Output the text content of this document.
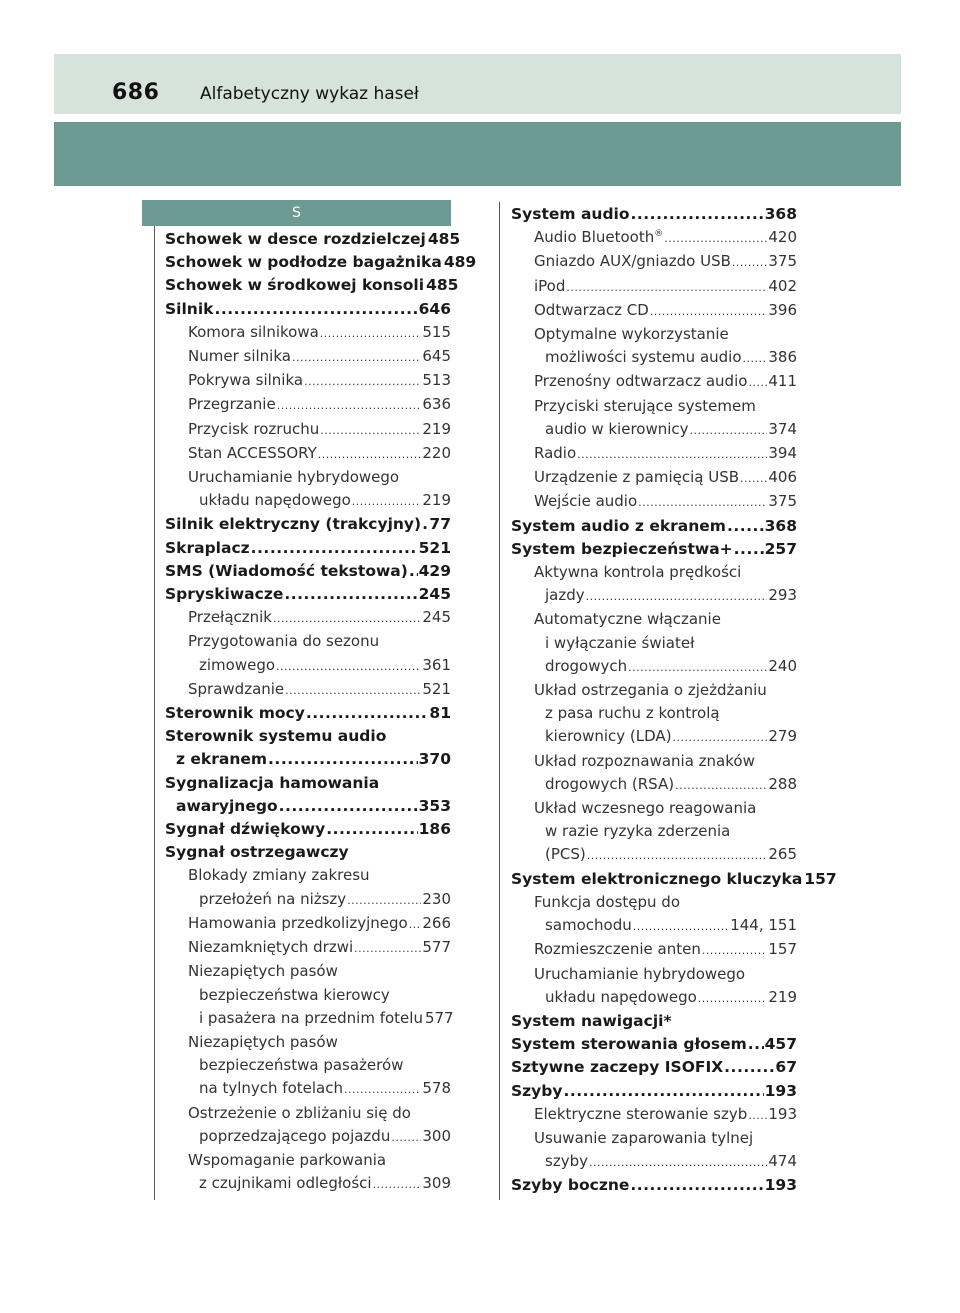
686 Alfabetyczny wykaz haseł
S
Schowek w desce rozdzielczej 485
Schowek w podłodze bagażnika 489
Schowek w środkowej konsoli 485
Silnik .....	646
Komora silnikowa .....	515
Numer silnika .....	645
Pokrywa silnika .....	513
Przegrzanie .....	636
Przycisk rozruchu .....	219
Stan ACCESSORY .....	220
Uruchamianie hybrydowego
układu napędowego .....	219
Silnik elektryczny (trakcyjny) ..... 77
Skraplacz .....	521
SMS (Wiadomość tekstowa) ..... 429
Spryskiwacze .....	245
Przełącznik .....	245
Przygotowania do sezonu
zimowego .....	361
Sprawdzanie .....	521
Sterownik mocy .....	81
Sterownik systemu audio
z ekranem .....	370
Sygnalizacja hamowania
awaryjnego .....	353
Sygnał dźwiękowy .....	186
Sygnał ostrzegawczy
Blokady zmiany zakresu
przełożeń na niższy .....	230
Hamowania przedkolizyjnego ..... 266
Niezamkniętych drzwi .....	577
Niezapiętych pasów
bezpieczeństwa kierowcy
i pasażera na przednim fotelu 577
Niezapiętych pasów
bezpieczeństwa pasażerów
na tylnych fotelach .....	578
Ostrzeżenie o zbliżaniu się do
poprzedzającego pojazdu ..... 300
Wspomaganie parkowania
z czujnikami odległości .....	309
System audio .....	368
Audio Bluetooth® .....	420
Gniazdo AUX/gniazdo USB ..... 375
iPod .....	402
Odtwarzacz CD .....	396
Optymalne wykorzystanie
możliwości systemu audio ..... 386
Przenośny odtwarzacz audio ..... 411
Przyciski sterujące systemem
audio w kierownicy .....	374
Radio .....	394
Urządzenie z pamięcią USB ..... 406
Wejście audio .....	375
System audio z ekranem ..... 368
System bezpieczeństwa+ ..... 257
Aktywna kontrola prędkości
jazdy .....	293
Automatyczne włączanie
i wyłączanie świateł
drogowych .....	240
Układ ostrzegania o zjeżdżaniu
z pasa ruchu z kontrolą
kierownicy (LDA) .....	279
Układ rozpoznawania znaków
drogowych (RSA) .....	288
Układ wczesnego reagowania
w razie ryzyka zderzenia
(PCS) .....	265
System elektronicznego kluczyka 157
Funkcja dostępu do
samochodu .....	144, 151
Rozmieszczenie anten .....	157
Uruchamianie hybrydowego
układu napędowego .....	219
System nawigacji*
System sterowania głosem ..... 457
Sztywne zaczepy ISOFIX .....	67
Szyby .....	193
Elektryczne sterowanie szyb ..... 193
Usuwanie zaparowania tylnej
szyby .....	474
Szyby boczne .....	193
